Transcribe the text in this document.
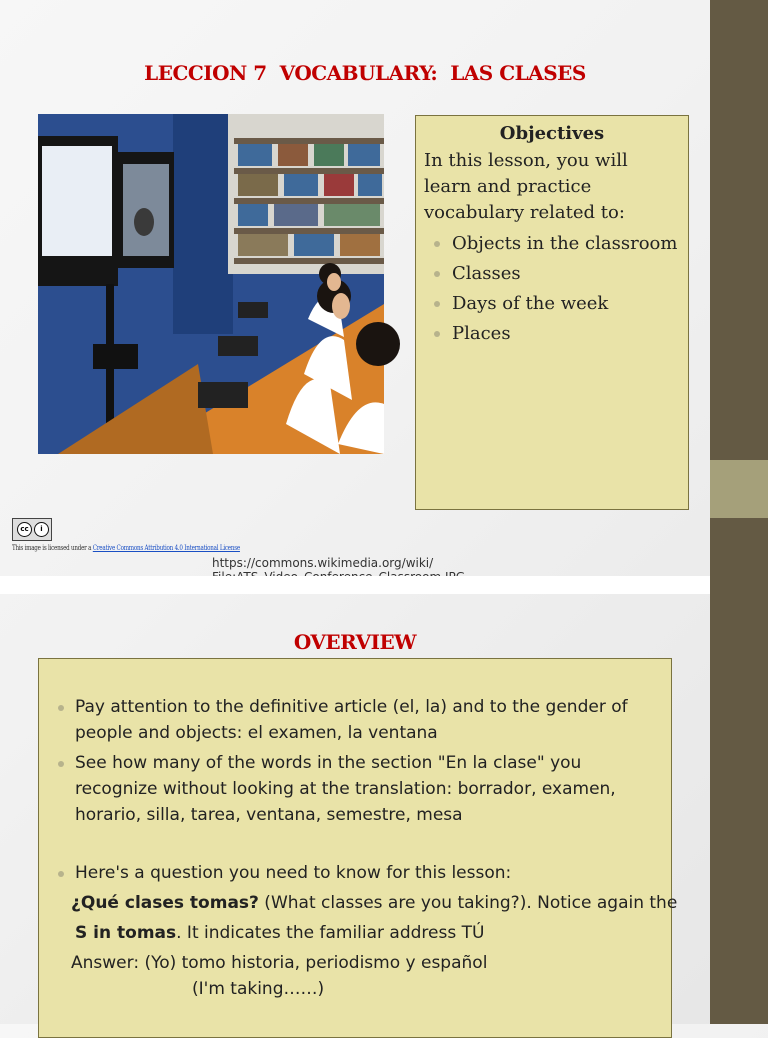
LECCION 7  VOCABULARY:  LAS CLASES
Objectives
In this lesson, you will learn and practice vocabulary related to:
Objects in the classroom
Classes
Days of the week
Places
cc	i
This image is licensed under a Creative Commons Attribution 4.0 International License
https://commons.wikimedia.org/wiki/
OVERVIEW
Pay attention to the definitive article (el, la) and to the gender of people and objects: el examen, la ventana
See how many of the words in the section "En la clase" you recognize without looking at the translation: borrador, examen, horario, silla, tarea, ventana, semestre, mesa
Here's a question you need to know for this lesson:
¿Qué clases tomas? (What classes are you taking?). Notice again the
S in tomas. It indicates the familiar address TÚ
Answer: (Yo) tomo historia, periodismo y español
(I'm taking……)
